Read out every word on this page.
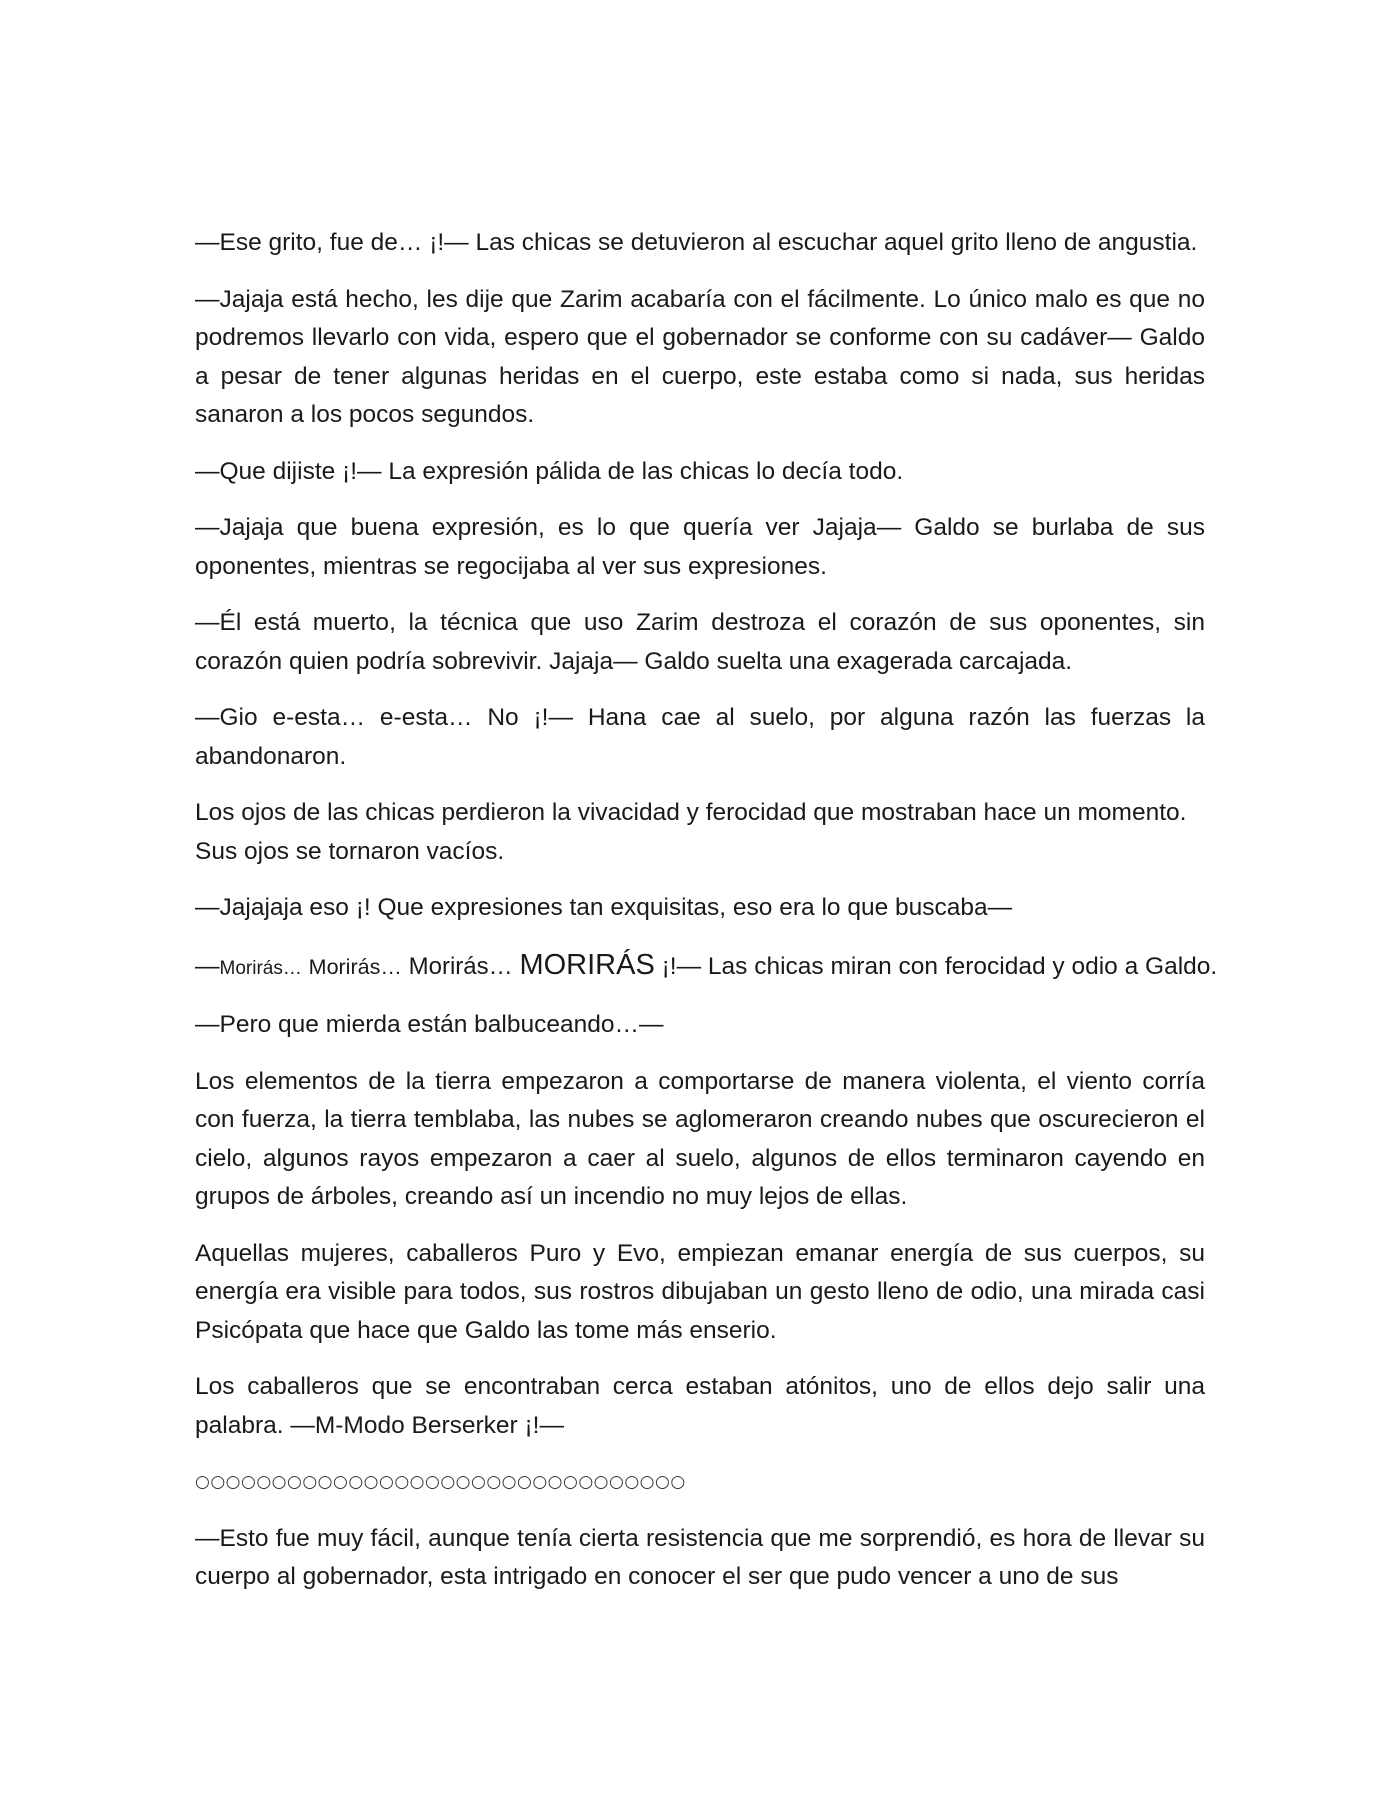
—Ese grito, fue de… ¡!— Las chicas se detuvieron al escuchar aquel grito lleno de angustia.

—Jajaja está hecho, les dije que Zarim acabaría con el fácilmente. Lo único malo es que no podremos llevarlo con vida, espero que el gobernador se conforme con su cadáver— Galdo a pesar de tener algunas heridas en el cuerpo, este estaba como si nada, sus heridas sanaron a los pocos segundos.

—Que dijiste ¡!— La expresión pálida de las chicas lo decía todo.

—Jajaja que buena expresión, es lo que quería ver Jajaja— Galdo se burlaba de sus oponentes, mientras se regocijaba al ver sus expresiones.

—Él está muerto, la técnica que uso Zarim destroza el corazón de sus oponentes, sin corazón quien podría sobrevivir. Jajaja— Galdo suelta una exagerada carcajada.

—Gio e-esta… e-esta… No ¡!— Hana cae al suelo, por alguna razón las fuerzas la abandonaron.

Los ojos de las chicas perdieron la vivacidad y ferocidad que mostraban hace un momento. Sus ojos se tornaron vacíos.

—Jajajaja eso ¡! Que expresiones tan exquisitas, eso era lo que buscaba—

—Morirás… Morirás… Morirás… MORIRÁS ¡!— Las chicas miran con ferocidad y odio a Galdo.

—Pero que mierda están balbuceando…—

Los elementos de la tierra empezaron a comportarse de manera violenta, el viento corría con fuerza, la tierra temblaba, las nubes se aglomeraron creando nubes que oscurecieron el cielo, algunos rayos empezaron a caer al suelo, algunos de ellos terminaron cayendo en grupos de árboles, creando así un incendio no muy lejos de ellas.

Aquellas mujeres, caballeros Puro y Evo, empiezan emanar energía de sus cuerpos, su energía era visible para todos, sus rostros dibujaban un gesto lleno de odio, una mirada casi Psicópata que hace que Galdo las tome más enserio.

Los caballeros que se encontraban cerca estaban atónitos, uno de ellos dejo salir una palabra. —M-Modo Berserker ¡!—

○○○○○○○○○○○○○○○○○○○○○○○○○○○○○○○○

—Esto fue muy fácil, aunque tenía cierta resistencia que me sorprendió, es hora de llevar su cuerpo al gobernador, esta intrigado en conocer el ser que pudo vencer a uno de sus
